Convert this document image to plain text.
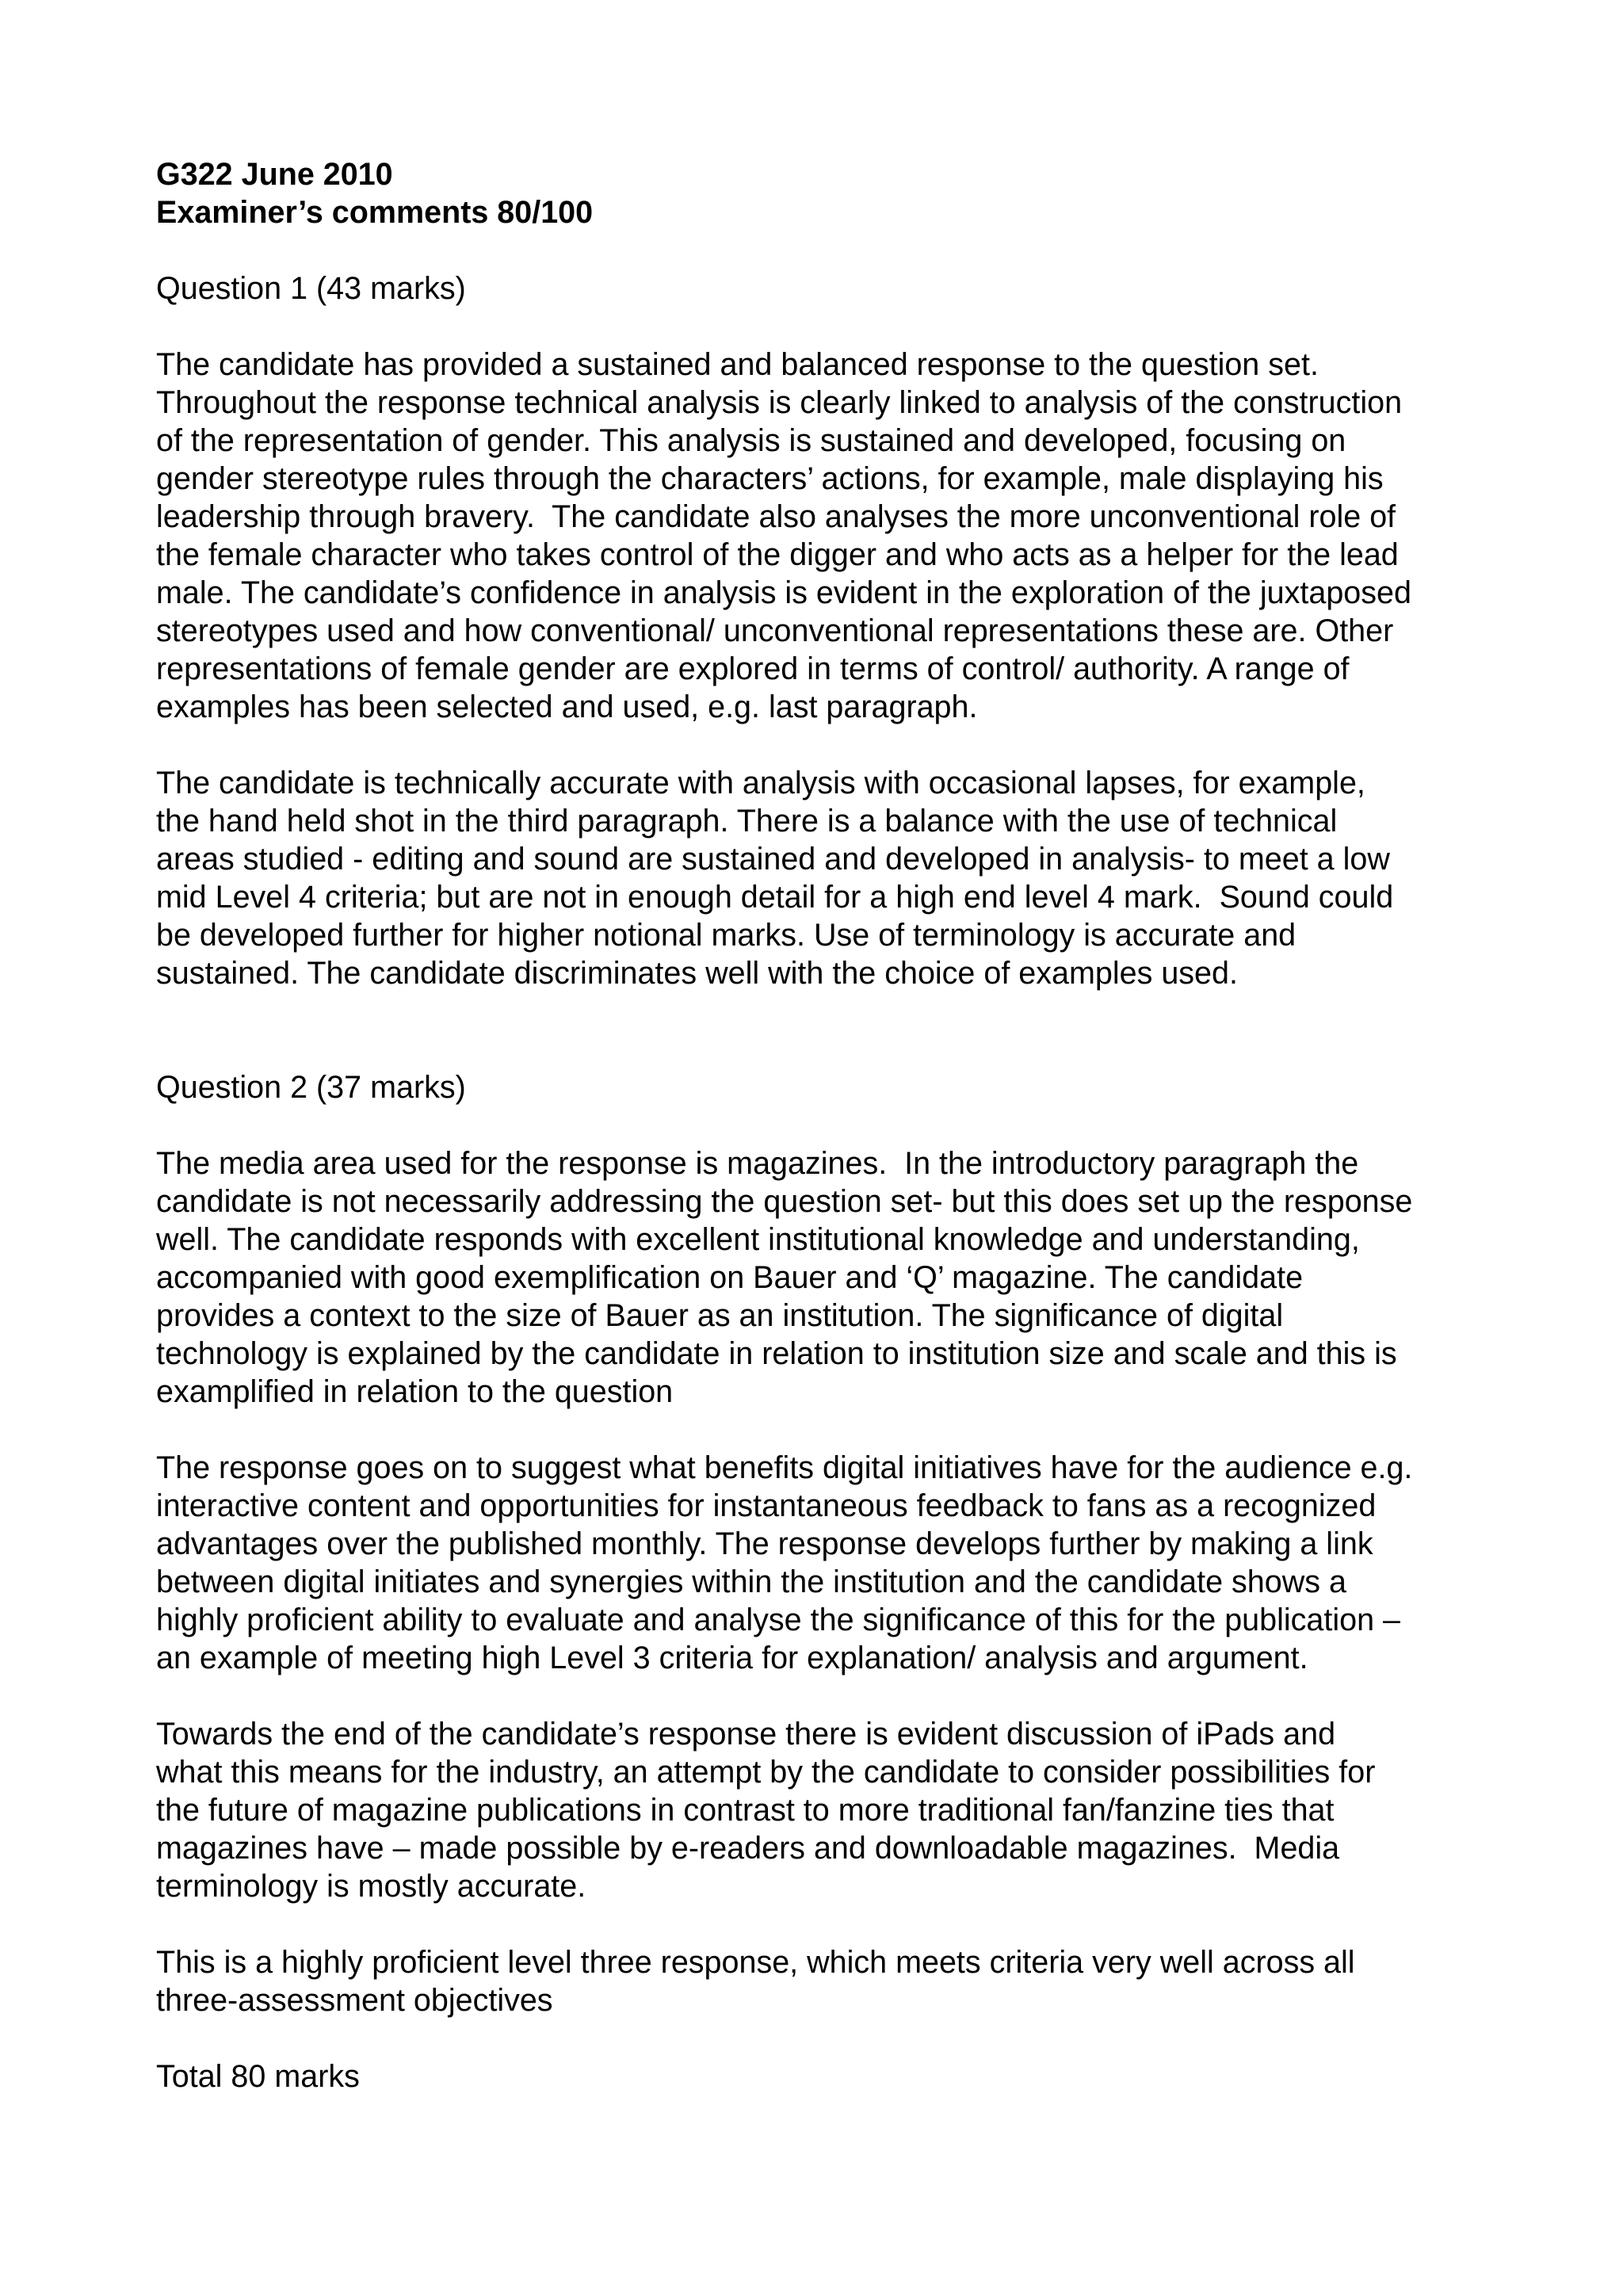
G322 June 2010
Examiner’s comments 80/100
Question 1 (43 marks)
The candidate has provided a sustained and balanced response to the question set.
Throughout the response technical analysis is clearly linked to analysis of the construction
of the representation of gender. This analysis is sustained and developed, focusing on
gender stereotype rules through the characters’ actions, for example, male displaying his
leadership through bravery.  The candidate also analyses the more unconventional role of
the female character who takes control of the digger and who acts as a helper for the lead
male. The candidate’s confidence in analysis is evident in the exploration of the juxtaposed
stereotypes used and how conventional/ unconventional representations these are. Other
representations of female gender are explored in terms of control/ authority. A range of
examples has been selected and used, e.g. last paragraph.
The candidate is technically accurate with analysis with occasional lapses, for example,
the hand held shot in the third paragraph. There is a balance with the use of technical
areas studied - editing and sound are sustained and developed in analysis- to meet a low
mid Level 4 criteria; but are not in enough detail for a high end level 4 mark.  Sound could
be developed further for higher notional marks. Use of terminology is accurate and
sustained. The candidate discriminates well with the choice of examples used.
Question 2 (37 marks)
The media area used for the response is magazines.  In the introductory paragraph the
candidate is not necessarily addressing the question set- but this does set up the response
well. The candidate responds with excellent institutional knowledge and understanding,
accompanied with good exemplification on Bauer and ‘Q’ magazine. The candidate
provides a context to the size of Bauer as an institution. The significance of digital
technology is explained by the candidate in relation to institution size and scale and this is
examplified in relation to the question
The response goes on to suggest what benefits digital initiatives have for the audience e.g.
interactive content and opportunities for instantaneous feedback to fans as a recognized
advantages over the published monthly. The response develops further by making a link
between digital initiates and synergies within the institution and the candidate shows a
highly proficient ability to evaluate and analyse the significance of this for the publication –
an example of meeting high Level 3 criteria for explanation/ analysis and argument.
Towards the end of the candidate’s response there is evident discussion of iPads and
what this means for the industry, an attempt by the candidate to consider possibilities for
the future of magazine publications in contrast to more traditional fan/fanzine ties that
magazines have – made possible by e-readers and downloadable magazines.  Media
terminology is mostly accurate.
This is a highly proficient level three response, which meets criteria very well across all
three-assessment objectives
Total 80 marks
